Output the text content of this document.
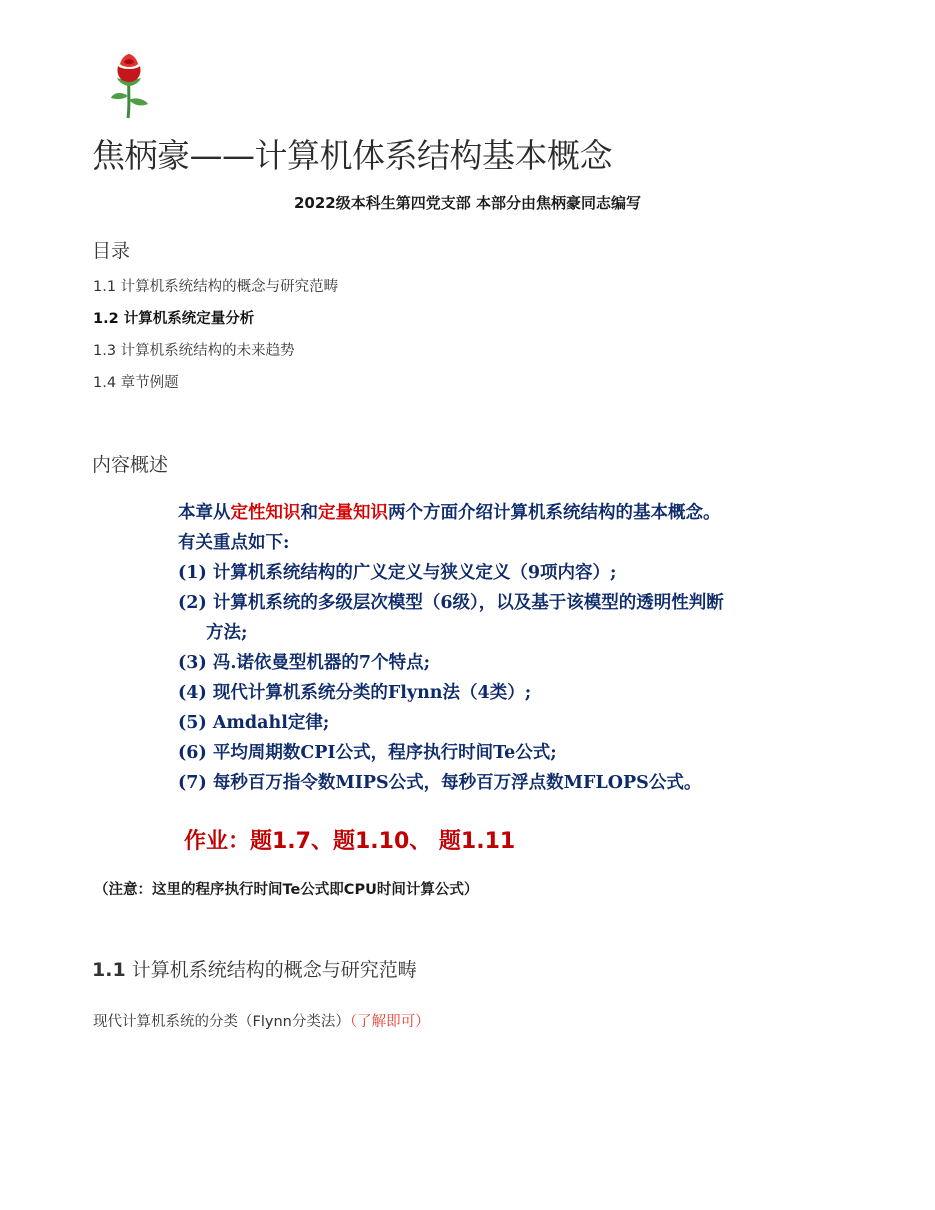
焦柄豪——计算机体系结构基本概念

2022级本科生第四党支部 本部分由焦柄豪同志编写

目录
1.1 计算机系统结构的概念与研究范畴
1.2 计算机系统定量分析
1.3 计算机系统结构的未来趋势
1.4 章节例题
内容概述
本章从定性知识和定量知识两个方面介绍计算机系统结构的基本概念。
有关重点如下:
(1) 计算机系统结构的广义定义与狭义定义（9项内容）;
(2) 计算机系统的多级层次模型（6级），以及基于该模型的透明性判断
方法;
(3) 冯.诺依曼型机器的7个特点;
(4) 现代计算机系统分类的Flynn法（4类）;
(5) Amdahl定律;
(6) 平均周期数CPI公式，程序执行时间Te公式;
(7) 每秒百万指令数MIPS公式，每秒百万浮点数MFLOPS公式。
作业：题1.7、题1.10、 题1.11
（注意：这里的程序执行时间Te公式即CPU时间计算公式）
1.1 计算机系统结构的概念与研究范畴

现代计算机系统的分类（Flynn分类法）（了解即可）
